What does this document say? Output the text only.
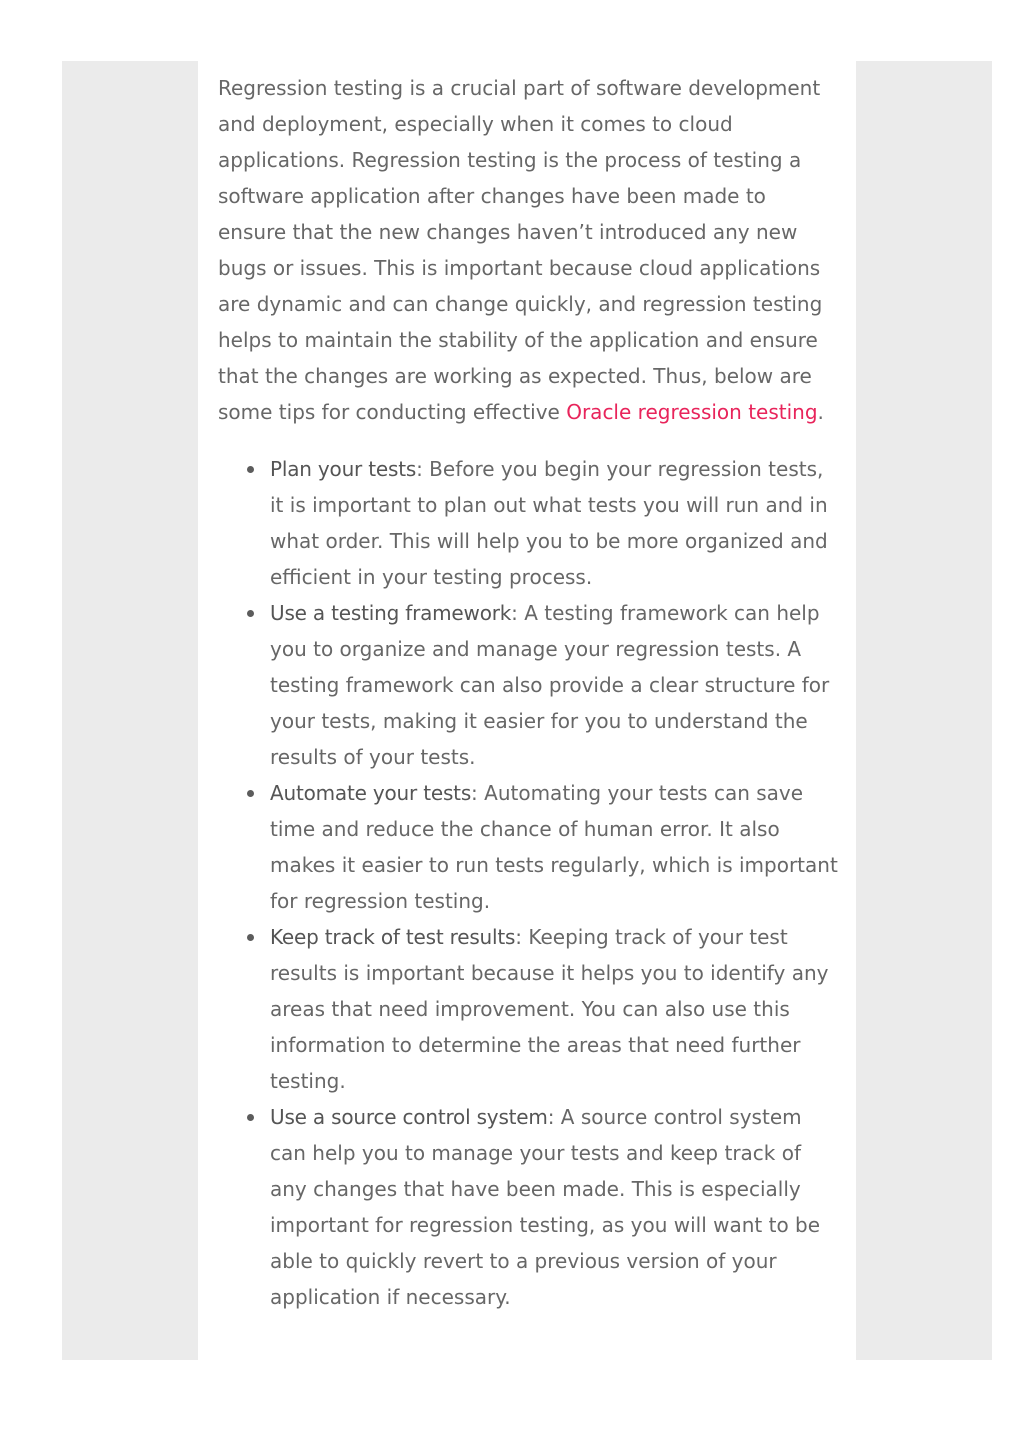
Regression testing is a crucial part of software development and deployment, especially when it comes to cloud applications. Regression testing is the process of testing a software application after changes have been made to ensure that the new changes haven’t introduced any new bugs or issues. This is important because cloud applications are dynamic and can change quickly, and regression testing helps to maintain the stability of the application and ensure that the changes are working as expected. Thus, below are some tips for conducting effective Oracle regression testing.

Plan your tests: Before you begin your regression tests, it is important to plan out what tests you will run and in what order. This will help you to be more organized and efficient in your testing process.
Use a testing framework: A testing framework can help you to organize and manage your regression tests. A testing framework can also provide a clear structure for your tests, making it easier for you to understand the results of your tests.
Automate your tests: Automating your tests can save time and reduce the chance of human error. It also makes it easier to run tests regularly, which is important for regression testing.
Keep track of test results: Keeping track of your test results is important because it helps you to identify any areas that need improvement. You can also use this information to determine the areas that need further testing.
Use a source control system: A source control system can help you to manage your tests and keep track of any changes that have been made. This is especially important for regression testing, as you will want to be able to quickly revert to a previous version of your application if necessary.
